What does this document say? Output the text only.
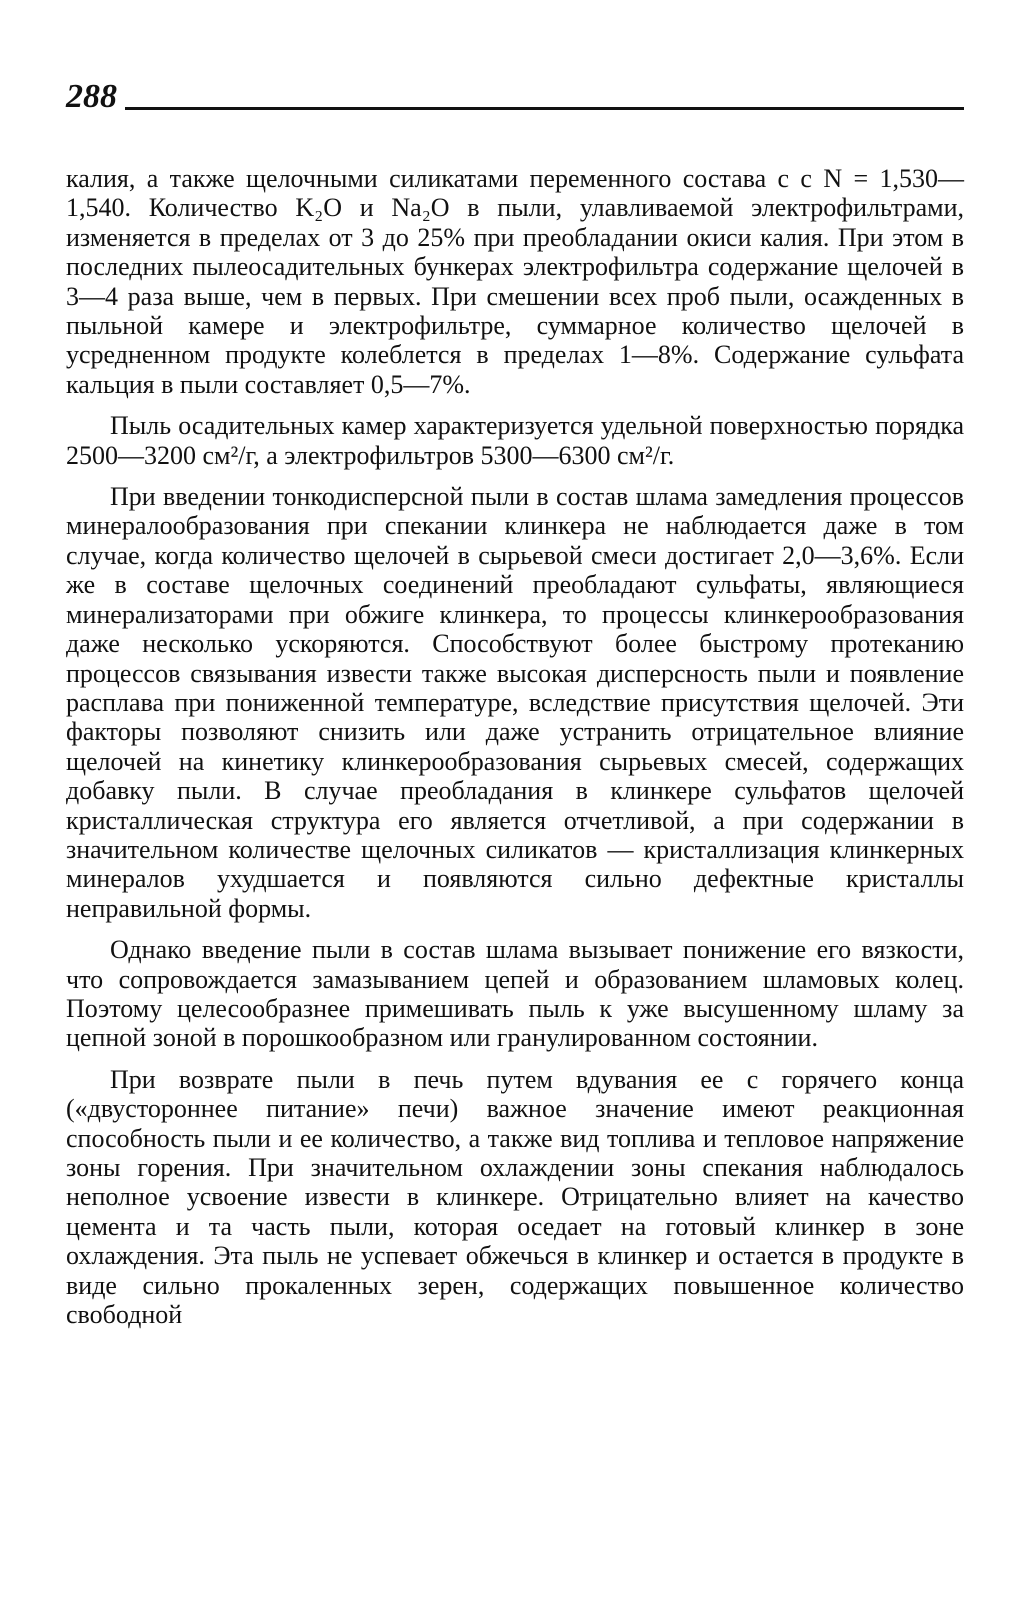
288

калия, а также щелочными силикатами переменного состава с с N = 1,530—1,540. Количество K₂O и Na₂O в пыли, улавливаемой электрофильтрами, изменяется в пределах от 3 до 25% при преобладании окиси калия. При этом в последних пылеосадительных бункерах электрофильтра содержание щелочей в 3—4 раза выше, чем в первых. При смешении всех проб пыли, осажденных в пыльной камере и электрофильтре, суммарное количество щелочей в усредненном продукте колеблется в пределах 1—8%. Содержание сульфата кальция в пыли составляет 0,5—7%.

Пыль осадительных камер характеризуется удельной поверхностью порядка 2500—3200 см²/г, а электрофильтров 5300—6300 см²/г.

При введении тонкодисперсной пыли в состав шлама замедления процессов минералообразования при спекании клинкера не наблюдается даже в том случае, когда количество щелочей в сырьевой смеси достигает 2,0—3,6%. Если же в составе щелочных соединений преобладают сульфаты, являющиеся минерализаторами при обжиге клинкера, то процессы клинкерообразования даже несколько ускоряются. Способствуют более быстрому протеканию процессов связывания извести также высокая дисперсность пыли и появление расплава при пониженной температуре, вследствие присутствия щелочей. Эти факторы позволяют снизить или даже устранить отрицательное влияние щелочей на кинетику клинкерообразования сырьевых смесей, содержащих добавку пыли. В случае преобладания в клинкере сульфатов щелочей кристаллическая структура его является отчетливой, а при содержании в значительном количестве щелочных силикатов — кристаллизация клинкерных минералов ухудшается и появляются сильно дефектные кристаллы неправильной формы.

Однако введение пыли в состав шлама вызывает понижение его вязкости, что сопровождается замазыванием цепей и образованием шламовых колец. Поэтому целесообразнее примешивать пыль к уже высушенному шламу за цепной зоной в порошкообразном или гранулированном состоянии.

При возврате пыли в печь путем вдувания ее с горячего конца («двустороннее питание» печи) важное значение имеют реакционная способность пыли и ее количество, а также вид топлива и тепловое напряжение зоны горения. При значительном охлаждении зоны спекания наблюдалось неполное усвоение извести в клинкере. Отрицательно влияет на качество цемента и та часть пыли, которая оседает на готовый клинкер в зоне охлаждения. Эта пыль не успевает обжечься в клинкер и остается в продукте в виде сильно прокаленных зерен, содержащих повышенное количество свободной
